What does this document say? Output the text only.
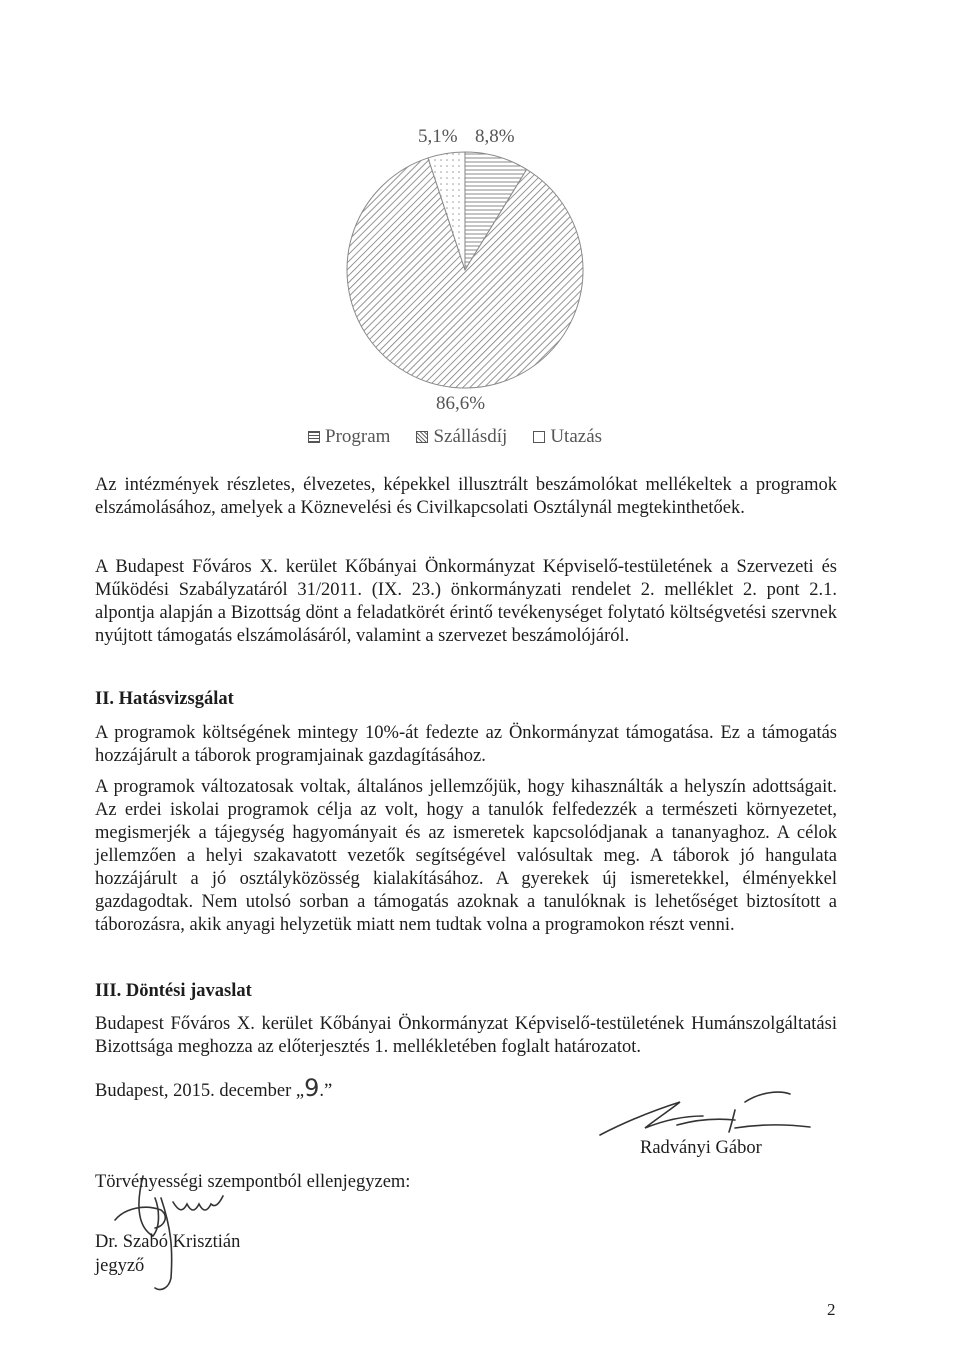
5,1% 8,8%
86,6%
Program Szállásdíj Utazás
Az intézmények részletes, élvezetes, képekkel illusztrált beszámolókat mellékeltek a programok elszámolásához, amelyek a Köznevelési és Civilkapcsolati Osztálynál megtekinthetőek.
A Budapest Főváros X. kerület Kőbányai Önkormányzat Képviselő-testületének a Szervezeti és Működési Szabályzatáról 31/2011. (IX. 23.) önkormányzati rendelet 2. melléklet 2. pont 2.1. alpontja alapján a Bizottság dönt a feladatkörét érintő tevékenységet folytató költségvetési szervnek nyújtott támogatás elszámolásáról, valamint a szervezet beszámolójáról.
II. Hatásvizsgálat
A programok költségének mintegy 10%-át fedezte az Önkormányzat támogatása. Ez a támogatás hozzájárult a táborok programjainak gazdagításához.
A programok változatosak voltak, általános jellemzőjük, hogy kihasználták a helyszín adottságait. Az erdei iskolai programok célja az volt, hogy a tanulók felfedezzék a természeti környezetet, megismerjék a tájegység hagyományait és az ismeretek kapcsolódjanak a tananyaghoz. A célok jellemzően a helyi szakavatott vezetők segítségével valósultak meg. A táborok jó hangulata hozzájárult a jó osztályközösség kialakításához. A gyerekek új ismeretekkel, élményekkel gazdagodtak. Nem utolsó sorban a támogatás azoknak a tanulóknak is lehetőséget biztosított a táborozásra, akik anyagi helyzetük miatt nem tudtak volna a programokon részt venni.
III. Döntési javaslat
Budapest Főváros X. kerület Kőbányai Önkormányzat Képviselő-testületének Humánszolgáltatási Bizottsága meghozza az előterjesztés 1. mellékletében foglalt határozatot.
Budapest, 2015. december „9.”
Radványi Gábor
Törvényességi szempontból ellenjegyzem:
Dr. Szabó Krisztián
jegyző
2
